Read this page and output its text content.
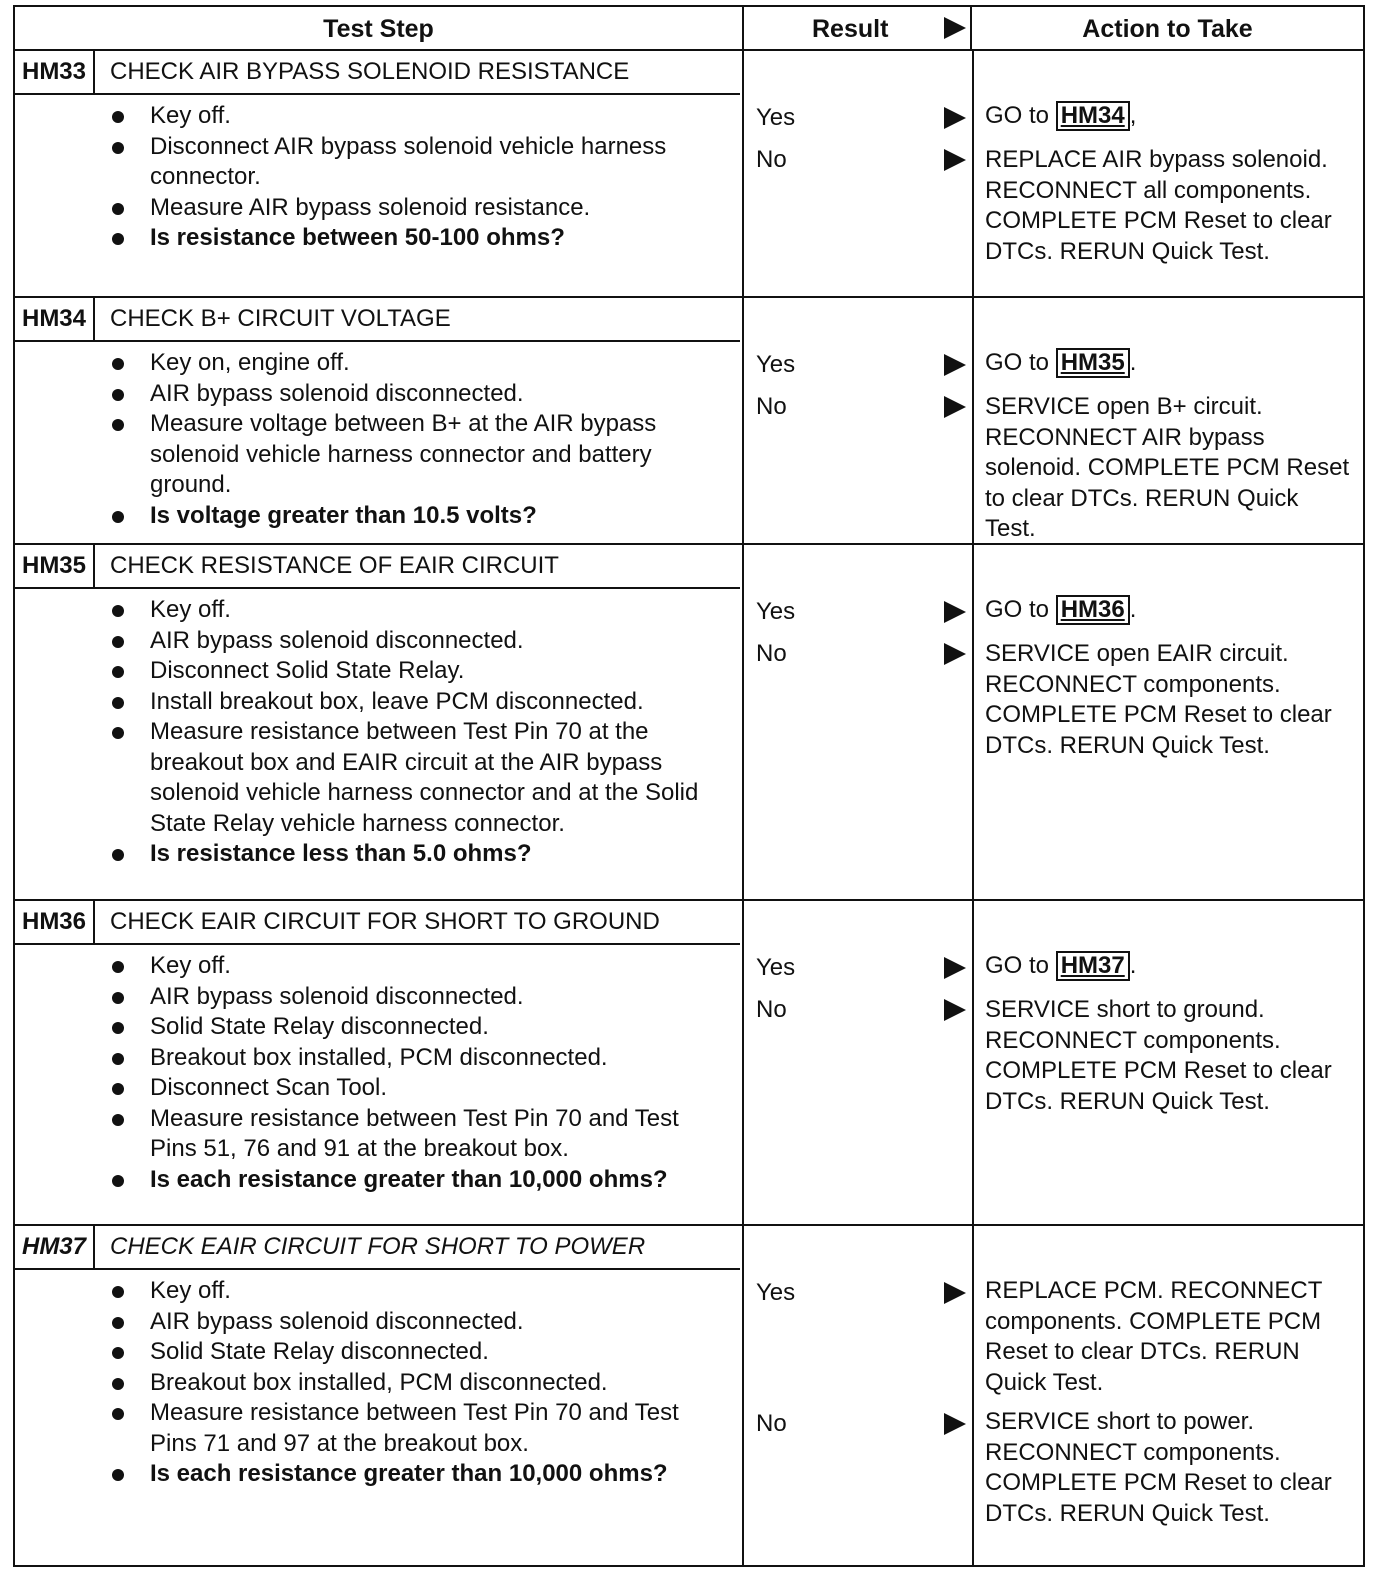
Test Step	Result	Action to Take
HM33 CHECK AIR BYPASS SOLENOID RESISTANCE
Key off.
Disconnect AIR bypass solenoid vehicle harness connector.
Measure AIR bypass solenoid resistance.
Is resistance between 50-100 ohms?
Yes
No
GO to HM34 ,
REPLACE AIR bypass solenoid. RECONNECT all components. COMPLETE PCM Reset to clear DTCs. RERUN Quick Test.
HM34 CHECK B+ CIRCUIT VOLTAGE
Key on, engine off.
AIR bypass solenoid disconnected.
Measure voltage between B+ at the AIR bypass solenoid vehicle harness connector and battery ground.
Is voltage greater than 10.5 volts?
Yes
No
GO to HM35 .
SERVICE open B+ circuit. RECONNECT AIR bypass solenoid. COMPLETE PCM Reset to clear DTCs. RERUN Quick Test.
HM35 CHECK RESISTANCE OF EAIR CIRCUIT
Key off.
AIR bypass solenoid disconnected.
Disconnect Solid State Relay.
Install breakout box, leave PCM disconnected.
Measure resistance between Test Pin 70 at the breakout box and EAIR circuit at the AIR bypass solenoid vehicle harness connector and at the Solid State Relay vehicle harness connector.
Is resistance less than 5.0 ohms?
Yes
No
GO to HM36 .
SERVICE open EAIR circuit. RECONNECT components. COMPLETE PCM Reset to clear DTCs. RERUN Quick Test.
HM36 CHECK EAIR CIRCUIT FOR SHORT TO GROUND
Key off.
AIR bypass solenoid disconnected.
Solid State Relay disconnected.
Breakout box installed, PCM disconnected.
Disconnect Scan Tool.
Measure resistance between Test Pin 70 and Test Pins 51, 76 and 91 at the breakout box.
Is each resistance greater than 10,000 ohms?
Yes
No
GO to HM37 .
SERVICE short to ground. RECONNECT components. COMPLETE PCM Reset to clear DTCs. RERUN Quick Test.
HM37 CHECK EAIR CIRCUIT FOR SHORT TO POWER
Key off.
AIR bypass solenoid disconnected.
Solid State Relay disconnected.
Breakout box installed, PCM disconnected.
Measure resistance between Test Pin 70 and Test Pins 71 and 97 at the breakout box.
Is each resistance greater than 10,000 ohms?
Yes
No
REPLACE PCM. RECONNECT components. COMPLETE PCM Reset to clear DTCs. RERUN Quick Test.
SERVICE short to power. RECONNECT components. COMPLETE PCM Reset to clear DTCs. RERUN Quick Test.
